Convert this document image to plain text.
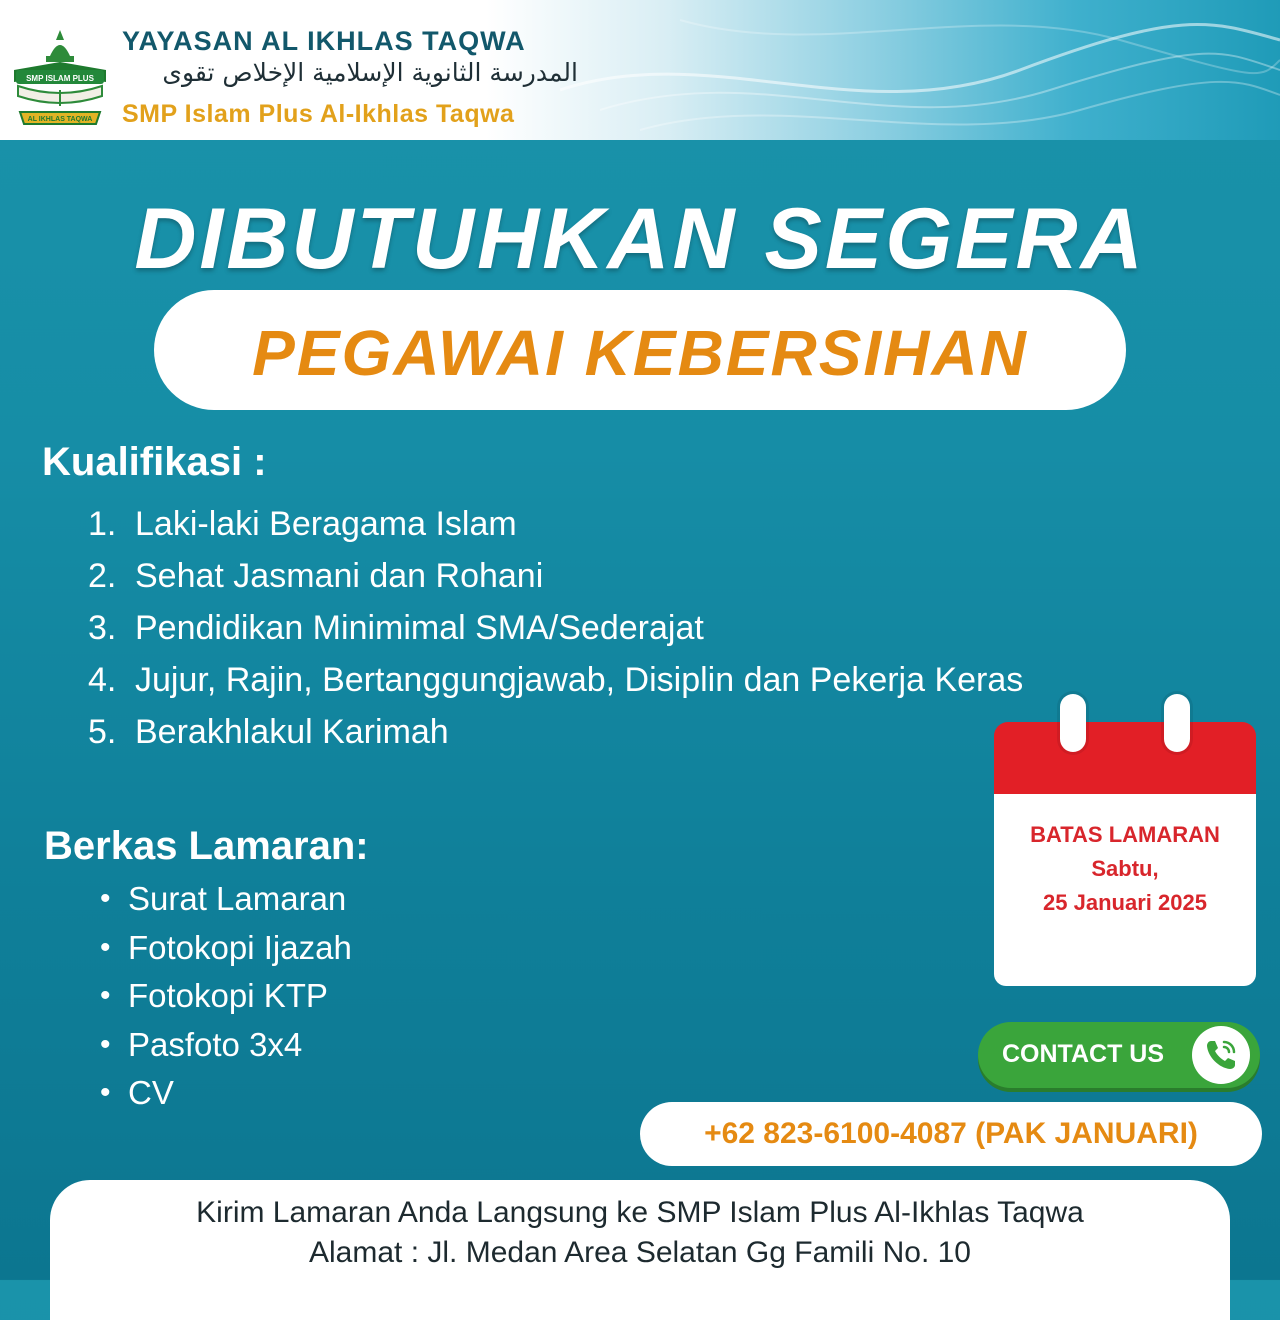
SMP ISLAM PLUS
AL IKHLAS TAQWA
YAYASAN AL IKHLAS TAQWA
المدرسة الثانوية الإسلامية الإخلاص تقوى
SMP Islam Plus Al-Ikhlas Taqwa
DIBUTUHKAN SEGERA
PEGAWAI KEBERSIHAN
Kualifikasi :
1. Laki-laki Beragama Islam
2. Sehat Jasmani dan Rohani
3. Pendidikan Minimimal SMA/Sederajat
4. Jujur, Rajin, Bertanggungjawab, Disiplin dan Pekerja Keras
5. Berakhlakul Karimah
Berkas Lamaran:
• Surat Lamaran
• Fotokopi Ijazah
• Fotokopi KTP
• Pasfoto 3x4
• CV
BATAS LAMARAN
Sabtu,
25 Januari 2025
CONTACT US
+62 823-6100-4087 (PAK JANUARI)
Kirim Lamaran Anda Langsung ke SMP Islam Plus Al-Ikhlas Taqwa
Alamat : Jl. Medan Area Selatan Gg Famili No. 10
